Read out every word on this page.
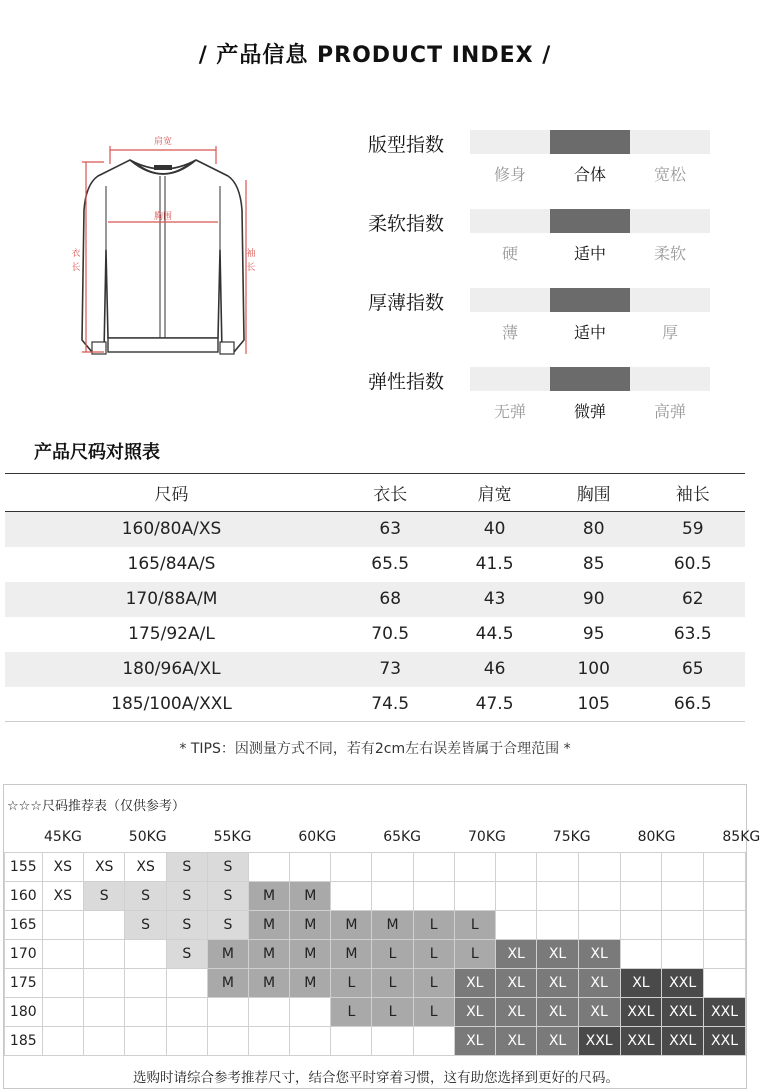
/ 产品信息 PRODUCT INDEX /
肩宽
胸围
衣
长
袖
长
版型指数
修身	合体	宽松
柔软指数
硬	适中	柔软
厚薄指数
薄	适中	厚
弹性指数
无弹	微弹	高弹
产品尺码对照表
尺码	衣长	肩宽	胸围	袖长
160/80A/XS	63	40	80	59
165/84A/S	65.5	41.5	85	60.5
170/88A/M	68	43	90	62
175/92A/L	70.5	44.5	95	63.5
180/96A/XL	73	46	100	65
185/100A/XXL	74.5	47.5	105	66.5
* TIPS：因测量方式不同，若有2cm左右误差皆属于合理范围 *
☆☆☆尺码推荐表（仅供参考）
45KG	50KG	55KG	60KG	65KG	70KG	75KG	80KG	85KG
155	XS	XS	XS	S	S												
160	XS	S	S	S	S	M	M										
165			S	S	S	M	M	M	M	L	L						
170				S	M	M	M	M	L	L	L	XL	XL	XL			
175					M	M	M	L	L	L	XL	XL	XL	XL	XL	XXL	
180								L	L	L	XL	XL	XL	XL	XXL	XXL	XXL
185											XL	XL	XL	XXL	XXL	XXL	XXL
选购时请综合参考推荐尺寸，结合您平时穿着习惯，这有助您选择到更好的尺码。
